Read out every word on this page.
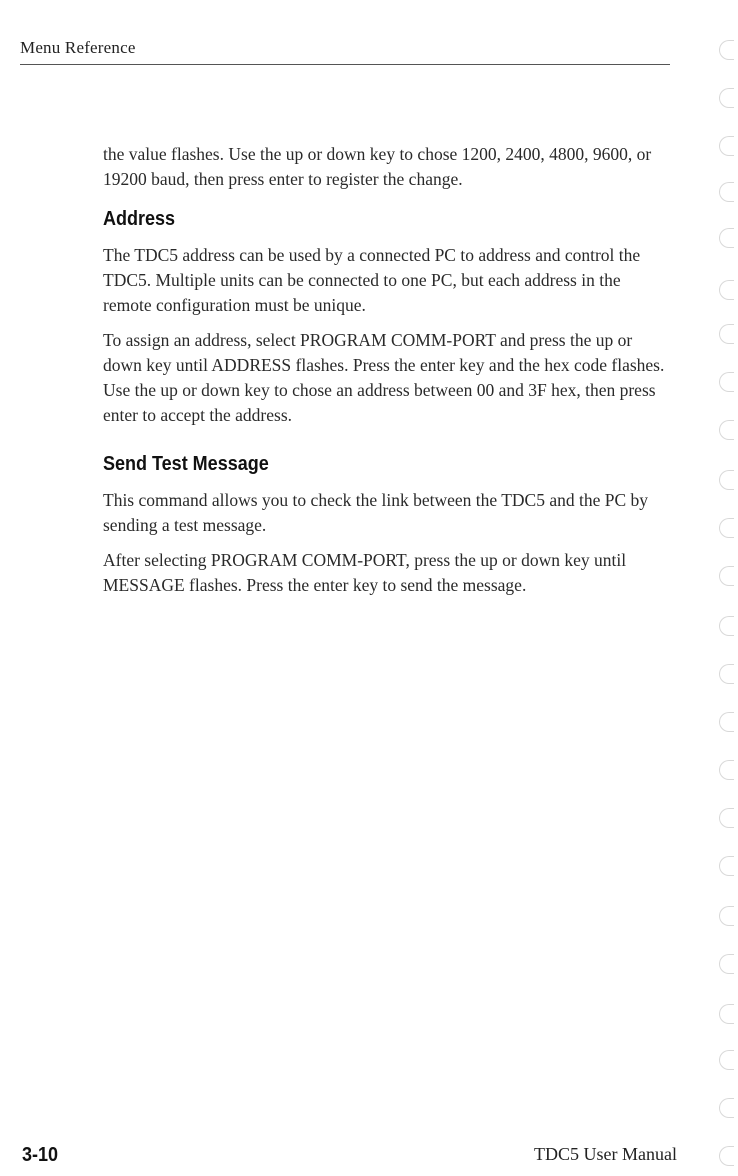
Menu Reference

the value flashes. Use the up or down key to chose 1200, 2400, 4800, 9600, or 19200 baud, then press enter to register the change.

Address

The TDC5 address can be used by a connected PC to address and control the TDC5. Multiple units can be connected to one PC, but each address in the remote configuration must be unique.

To assign an address, select PROGRAM COMM-PORT and press the up or down key until ADDRESS flashes. Press the enter key and the hex code flashes. Use the up or down key to chose an address between 00 and 3F hex, then press enter to accept the address.

Send Test Message

This command allows you to check the link between the TDC5 and the PC by sending a test message.

After selecting PROGRAM COMM-PORT, press the up or down key until MESSAGE flashes. Press the enter key to send the message.

3-10	TDC5 User Manual
